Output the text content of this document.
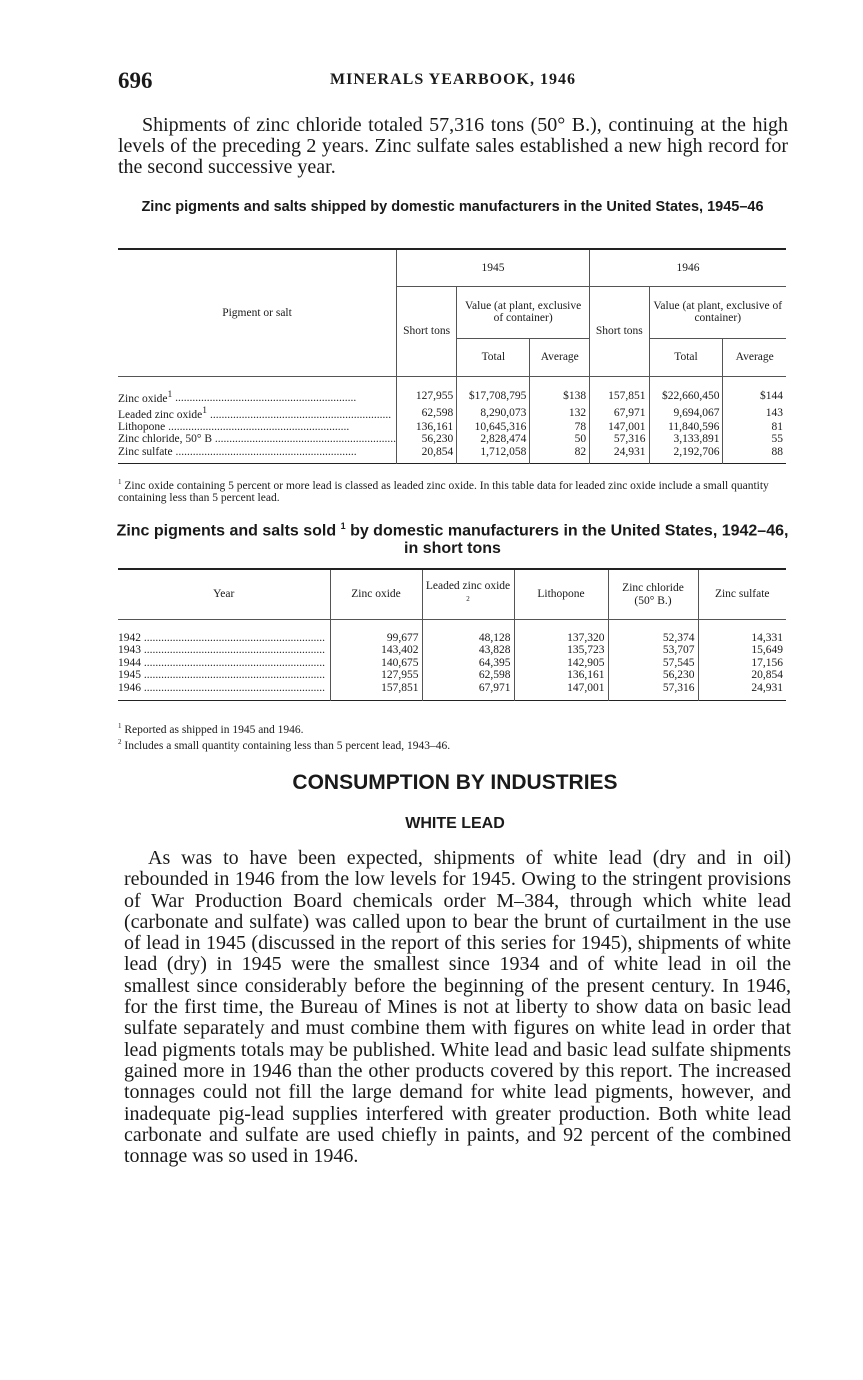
696	MINERALS YEARBOOK, 1946

Shipments of zinc chloride totaled 57,316 tons (50° B.), continuing at the high levels of the preceding 2 years. Zinc sulfate sales established a new high record for the second successive year.

Zinc pigments and salts shipped by domestic manufacturers in the United States, 1945–46
Pigment or salt	1945			1946		
	Short tons	Value (at plant, exclusive of container)		Short tons	Value (at plant, exclusive of container)	
		Total	Average		Total	Average

Zinc oxide$^1$ .....	127,955	$17,708,795	$138	157,851	$22,660,450	$144

Leaded zinc oxide$^1$ .....	62,598	8,290,073	132	67,971	9,694,067	143

Lithopone .....	136,161	10,645,316	78	147,001	11,840,596	81

Zinc chloride, 50° B .....	56,230	2,828,474	50	57,316	3,133,891	55

Zinc sulfate .....	20,854	1,712,058	82	24,931	2,192,706	88

$^1$ Zinc oxide containing 5 percent or more lead is classed as leaded zinc oxide. In this table data for leaded zinc oxide include a small quantity containing less than 5 percent lead.
Zinc pigments and salts sold $^1$ by domestic manufacturers in the United States, 1942–46, in short tons
Year	Zinc oxide	Leaded zinc oxide $^2$	Lithopone	Zinc chloride (50° B.)	Zinc sulfate

1942 .....	99,677	48,128	137,320	52,374	14,331

1943 .....	143,402	43,828	135,723	53,707	15,649

1944 .....	140,675	64,395	142,905	57,545	17,156

1945 .....	127,955	62,598	136,161	56,230	20,854

1946 .....	157,851	67,971	147,001	57,316	24,931

$^1$ Reported as shipped in 1945 and 1946.
$^2$ Includes a small quantity containing less than 5 percent lead, 1943–46.
CONSUMPTION BY INDUSTRIES
WHITE LEAD

As was to have been expected, shipments of white lead (dry and in oil) rebounded in 1946 from the low levels for 1945. Owing to the stringent provisions of War Production Board chemicals order M–384, through which white lead (carbonate and sulfate) was called upon to bear the brunt of curtailment in the use of lead in 1945 (discussed in the report of this series for 1945), shipments of white lead (dry) in 1945 were the smallest since 1934 and of white lead in oil the smallest since considerably before the beginning of the present century. In 1946, for the first time, the Bureau of Mines is not at liberty to show data on basic lead sulfate separately and must combine them with figures on white lead in order that lead pigments totals may be published. White lead and basic lead sulfate shipments gained more in 1946 than the other products covered by this report. The increased tonnages could not fill the large demand for white lead pigments, however, and inadequate pig-lead supplies interfered with greater production. Both white lead carbonate and sulfate are used chiefly in paints, and 92 percent of the combined tonnage was so used in 1946.
